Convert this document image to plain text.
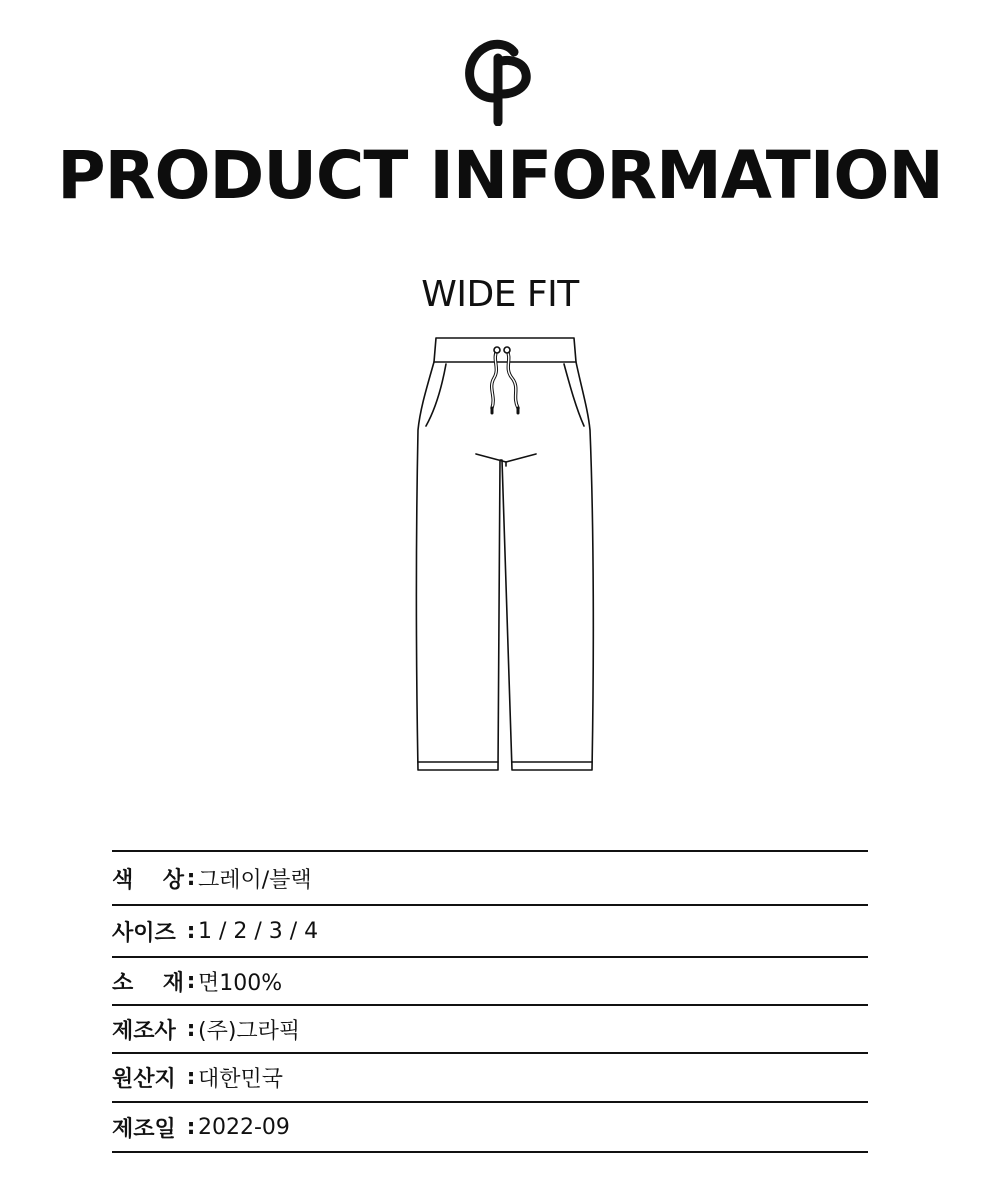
PRODUCT INFORMATION
WIDE FIT
색 상 : 그레이/블랙
사이즈 : 1 / 2 / 3 / 4
소 재 : 면100%
제조사 : (주)그라픽
원산지 : 대한민국
제조일 : 2022-09
